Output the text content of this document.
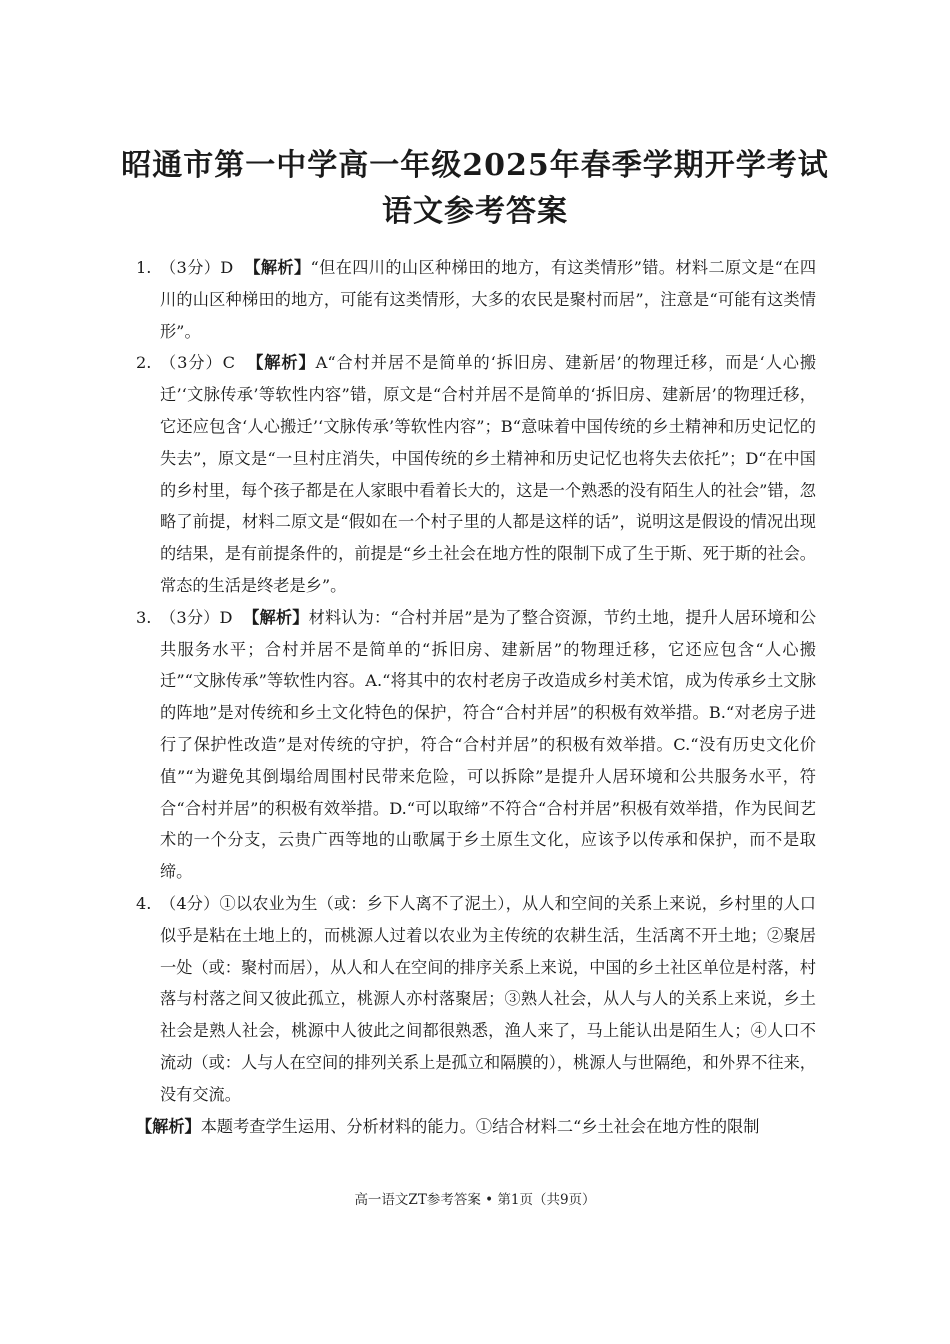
昭通市第一中学高一年级2025年春季学期开学考试
语文参考答案

1. （3分）D 【解析】“但在四川的山区种梯田的地方，有这类情形”错。材料二原文是“在四川的山区种梯田的地方，可能有这类情形，大多的农民是聚村而居”，注意是“可能有这类情形”。

2. （3分）C 【解析】A“合村并居不是简单的‘拆旧房、建新居’的物理迁移，而是‘人心搬迁’‘文脉传承’等软性内容”错，原文是“合村并居不是简单的‘拆旧房、建新居’的物理迁移，它还应包含‘人心搬迁’‘文脉传承’等软性内容”；B“意味着中国传统的乡土精神和历史记忆的失去”，原文是“一旦村庄消失，中国传统的乡土精神和历史记忆也将失去依托”；D“在中国的乡村里，每个孩子都是在人家眼中看着长大的，这是一个熟悉的没有陌生人的社会”错，忽略了前提，材料二原文是“假如在一个村子里的人都是这样的话”，说明这是假设的情况出现的结果，是有前提条件的，前提是“乡土社会在地方性的限制下成了生于斯、死于斯的社会。常态的生活是终老是乡”。

3. （3分）D 【解析】材料认为：“合村并居”是为了整合资源，节约土地，提升人居环境和公共服务水平；合村并居不是简单的“拆旧房、建新居”的物理迁移，它还应包含“人心搬迁”“文脉传承”等软性内容。A.“将其中的农村老房子改造成乡村美术馆，成为传承乡土文脉的阵地”是对传统和乡土文化特色的保护，符合“合村并居”的积极有效举措。B.“对老房子进行了保护性改造”是对传统的守护，符合“合村并居”的积极有效举措。C.“没有历史文化价值”“为避免其倒塌给周围村民带来危险，可以拆除”是提升人居环境和公共服务水平，符合“合村并居”的积极有效举措。D.“可以取缔”不符合“合村并居”积极有效举措，作为民间艺术的一个分支，云贵广西等地的山歌属于乡土原生文化，应该予以传承和保护，而不是取缔。

4. （4分）①以农业为生（或：乡下人离不了泥土），从人和空间的关系上来说，乡村里的人口似乎是粘在土地上的，而桃源人过着以农业为主传统的农耕生活，生活离不开土地；②聚居一处（或：聚村而居），从人和人在空间的排序关系上来说，中国的乡土社区单位是村落，村落与村落之间又彼此孤立，桃源人亦村落聚居；③熟人社会，从人与人的关系上来说，乡土社会是熟人社会，桃源中人彼此之间都很熟悉，渔人来了，马上能认出是陌生人；④人口不流动（或：人与人在空间的排列关系上是孤立和隔膜的），桃源人与世隔绝，和外界不往来，没有交流。

【解析】本题考查学生运用、分析材料的能力。①结合材料二“乡土社会在地方性的限制

高一语文ZT参考答案 • 第1页（共9页）
